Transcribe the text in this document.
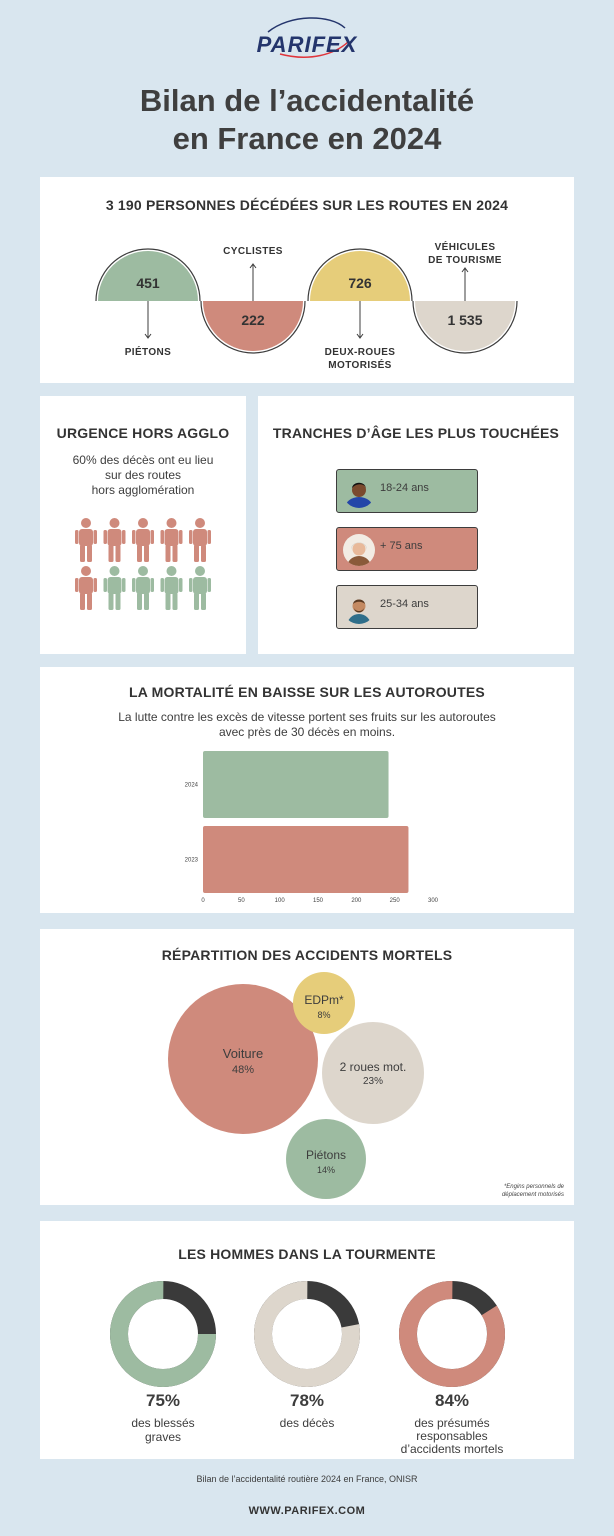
PARIFEX
Bilan de l’accidentalité
en France en 2024
3 190 PERSONNES DÉCÉDÉES SUR LES ROUTES EN 2024
451
222
726
1 535
PIÉTONS
CYCLISTES
DEUX-ROUES
MOTORISÉS
VÉHICULES
DE TOURISME
URGENCE HORS AGGLO
60% des décès ont eu lieu
sur des routes
hors agglomération
TRANCHES D’ÂGE LES PLUS TOUCHÉES
18-24 ans
+ 75 ans
25-34 ans
LA MORTALITÉ EN BAISSE SUR LES AUTOROUTES
La lutte contre les excès de vitesse portent ses fruits sur les autoroutes
avec près de 30 décès en moins.
2024
2023
0	50	100	150	200	250	300
RÉPARTITION DES ACCIDENTS MORTELS
Voiture
48%
EDPm*
8%
2 roues mot.
23%
Piétons
14%
*Engins personnels de
déplacement motorisés
LES HOMMES DANS LA TOURMENTE
75%
des blessés
graves
78%
des décès
84%
des présumés
responsables
d’accidents mortels
Bilan de l’accidentalité routière 2024 en France, ONISR
WWW.PARIFEX.COM
